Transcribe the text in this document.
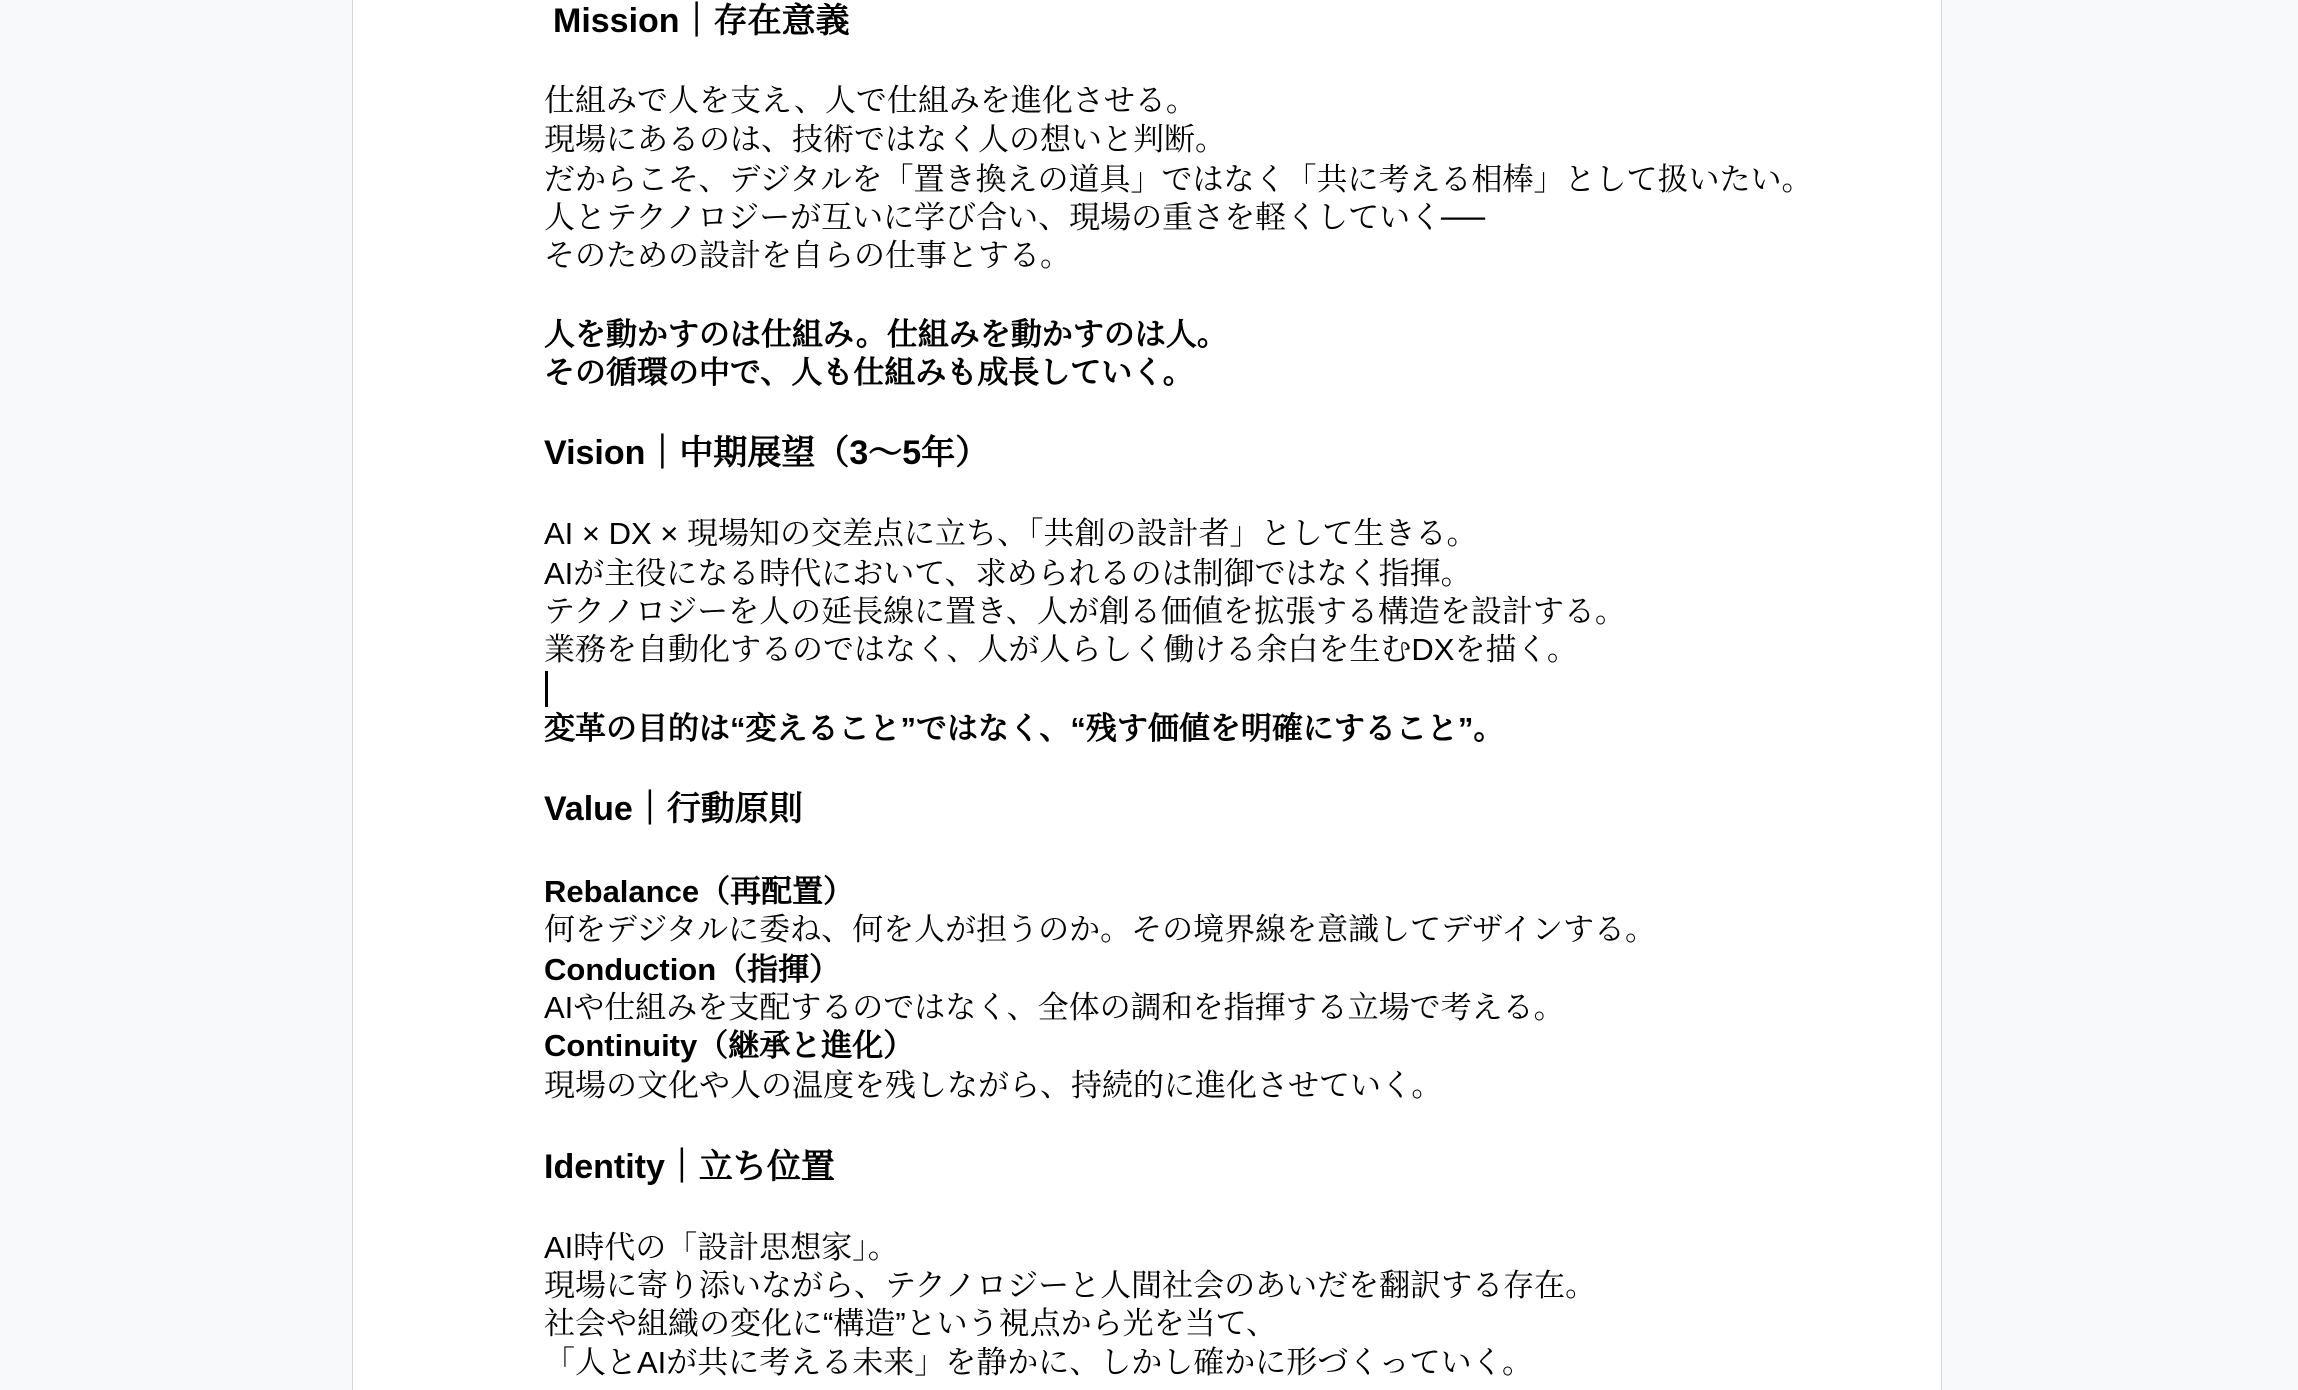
Mission｜存在意義
仕組みで人を支え、人で仕組みを進化させる。
現場にあるのは、技術ではなく人の想いと判断。
だからこそ、デジタルを「置き換えの道具」ではなく「共に考える相棒」として扱いたい。
人とテクノロジーが互いに学び合い、現場の重さを軽くしていく──
そのための設計を自らの仕事とする。
人を動かすのは仕組み。仕組みを動かすのは人。
その循環の中で、人も仕組みも成長していく。
Vision｜中期展望（3〜5年）
AI × DX × 現場知の交差点に立ち、「共創の設計者」として生きる。
AIが主役になる時代において、求められるのは制御ではなく指揮。
テクノロジーを人の延長線に置き、人が創る価値を拡張する構造を設計する。
業務を自動化するのではなく、人が人らしく働ける余白を生むDXを描く。
変革の目的は“変えること”ではなく、“残す価値を明確にすること”。
Value｜行動原則
Rebalance（再配置）
何をデジタルに委ね、何を人が担うのか。その境界線を意識してデザインする。
Conduction（指揮）
AIや仕組みを支配するのではなく、全体の調和を指揮する立場で考える。
Continuity（継承と進化）
現場の文化や人の温度を残しながら、持続的に進化させていく。
Identity｜立ち位置
AI時代の「設計思想家」。
現場に寄り添いながら、テクノロジーと人間社会のあいだを翻訳する存在。
社会や組織の変化に“構造”という視点から光を当て、
「人とAIが共に考える未来」を静かに、しかし確かに形づくっていく。
